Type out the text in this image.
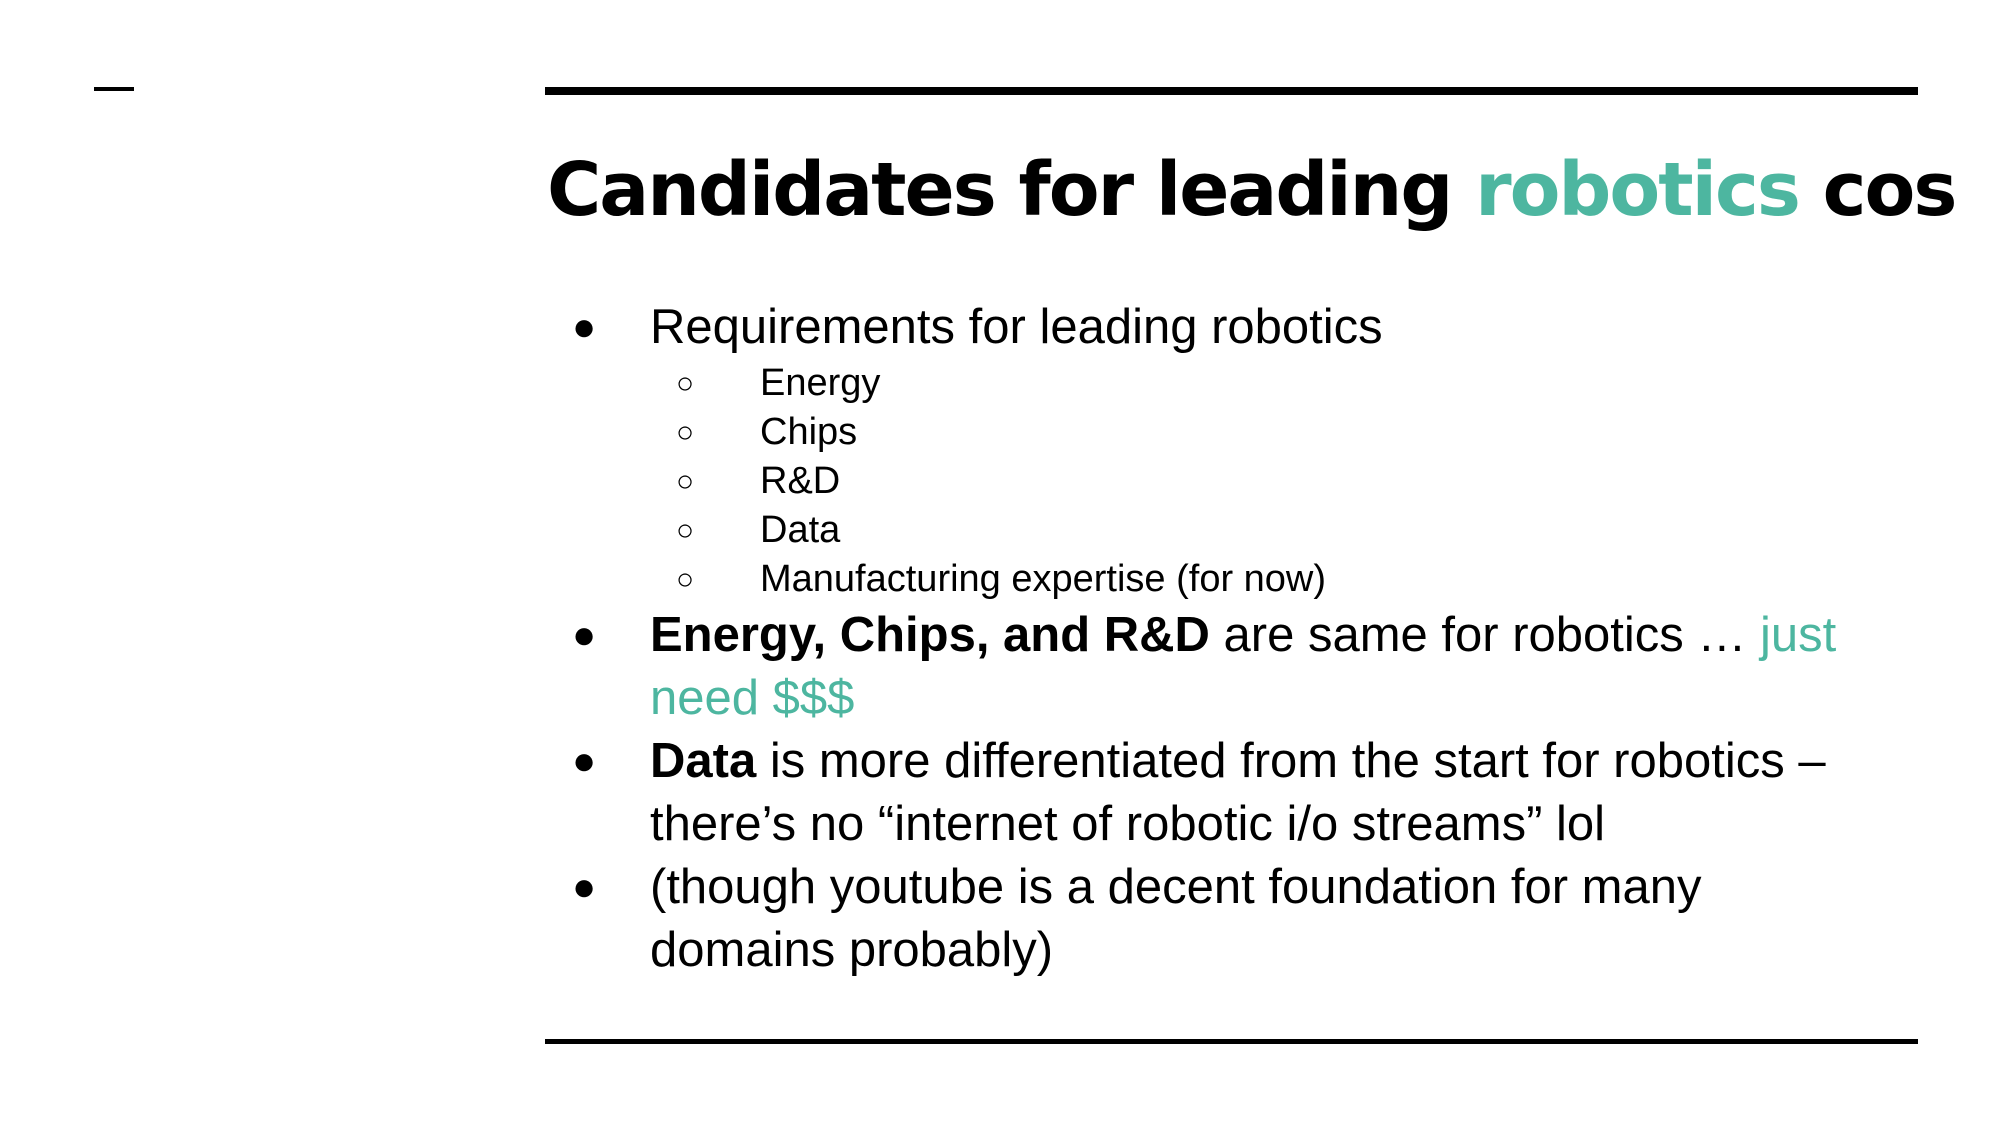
Candidates for leading robotics cos
● Requirements for leading robotics
○ Energy
○ Chips
○ R&D
○ Data
○ Manufacturing expertise (for now)
● Energy, Chips, and R&D are same for robotics … just need $$$
● Data is more differentiated from the start for robotics – there’s no “internet of robotic i/o streams” lol
● (though youtube is a decent foundation for many domains probably)
